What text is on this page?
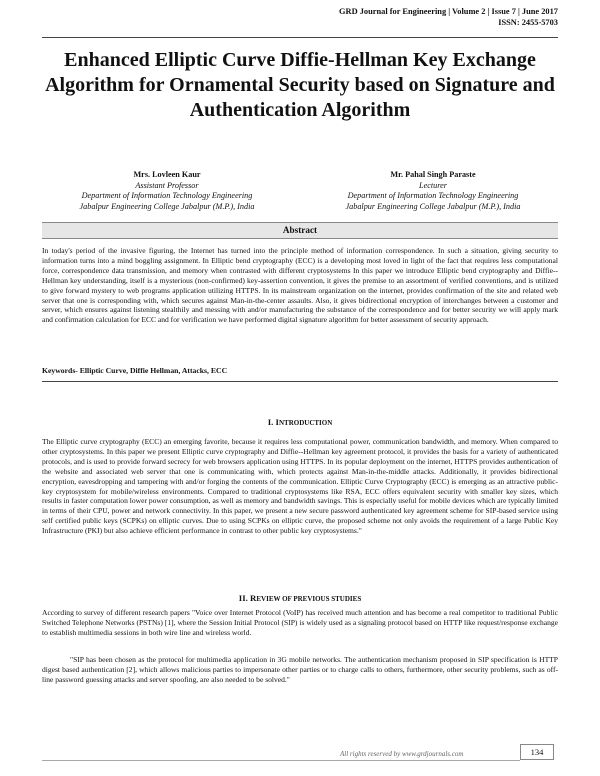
GRD Journal for Engineering | Volume 2 | Issue 7 | June 2017
ISSN: 2455-5703
Enhanced Elliptic Curve Diffie-Hellman Key Exchange Algorithm for Ornamental Security based on Signature and Authentication Algorithm
Mrs. Lovleen Kaur
Assistant Professor
Department of Information Technology Engineering
Jabalpur Engineering College Jabalpur (M.P.), India
Mr. Pahal Singh Paraste
Lecturer
Department of Information Technology Engineering
Jabalpur Engineering College Jabalpur (M.P.), India
Abstract

In today's period of the invasive figuring, the Internet has turned into the principle method of information correspondence. In such a situation, giving security to information turns into a mind boggling assignment. In Elliptic bend cryptography (ECC) is a developing most loved in light of the fact that requires less computational force, correspondence data transmission, and memory when contrasted with different cryptosystems In this paper we introduce Elliptic bend cryptography and Diffie--Hellman key understanding, itself is a mysterious (non-confirmed) key-assertion convention, it gives the premise to an assortment of verified conventions, and is utilized to give forward mystery to web programs application utilizing HTTPS. In its mainstream organization on the internet, provides confirmation of the site and related web server that one is corresponding with, which secures against Man-in-the-center assaults. Also, it gives bidirectional encryption of interchanges between a customer and server, which ensures against listening stealthily and messing with and/or manufacturing the substance of the correspondence and for better security we will apply mark and confirmation calculation for ECC and for verification we have performed digital signature algorithm for better assessment of security approach.

Keywords- Elliptic Curve, Diffie Hellman, Attacks, ECC
I. INTRODUCTION

The Elliptic curve cryptography (ECC) an emerging favorite, because it requires less computational power, communication bandwidth, and memory. When compared to other cryptosystems. In this paper we present Elliptic curve cryptography and Diffie--Hellman key agreement protocol, it provides the basis for a variety of authenticated protocols, and is used to provide forward secrecy for web browsers application using HTTPS. In its popular deployment on the internet, HTTPS provides authentication of the website and associated web server that one is communicating with, which protects against Man-in-the-middle attacks. Additionally, it provides bidirectional encryption, eavesdropping and tampering with and/or forging the contents of the communication. Elliptic Curve Cryptography (ECC) is emerging as an attractive public-key cryptosystem for mobile/wireless environments. Compared to traditional cryptosystems like RSA, ECC offers equivalent security with smaller key sizes, which results in faster computation lower power consumption, as well as memory and bandwidth savings. This is especially useful for mobile devices which are typically limited in terms of their CPU, power and network connectivity. In this paper, we present a new secure password authenticated key agreement scheme for SIP-based service using self certified public keys (SCPKs) on elliptic curves. Due to using SCPKs on elliptic curve, the proposed scheme not only avoids the requirement of a large Public Key Infrastructure (PKI) but also achieve efficient performance in contrast to other public key cryptosystems."

II. REVIEW OF PREVIOUS STUDIES

According to survey of different research papers "Voice over Internet Protocol (VoIP) has received much attention and has become a real competitor to traditional Public Switched Telephone Networks (PSTNs) [1], where the Session Initial Protocol (SIP) is widely used as a signaling protocol based on HTTP like request/response exchange to establish multimedia sessions in both wire line and wireless world.

"SIP has been chosen as the protocol for multimedia application in 3G mobile networks. The authentication mechanism proposed in SIP specification is HTTP digest based authentication [2], which allows malicious parties to impersonate other parties or to charge calls to others, furthermore, other security problems, such as off-line password guessing attacks and server spoofing, are also needed to be solved."

All rights reserved by www.grdjournals.com	134
